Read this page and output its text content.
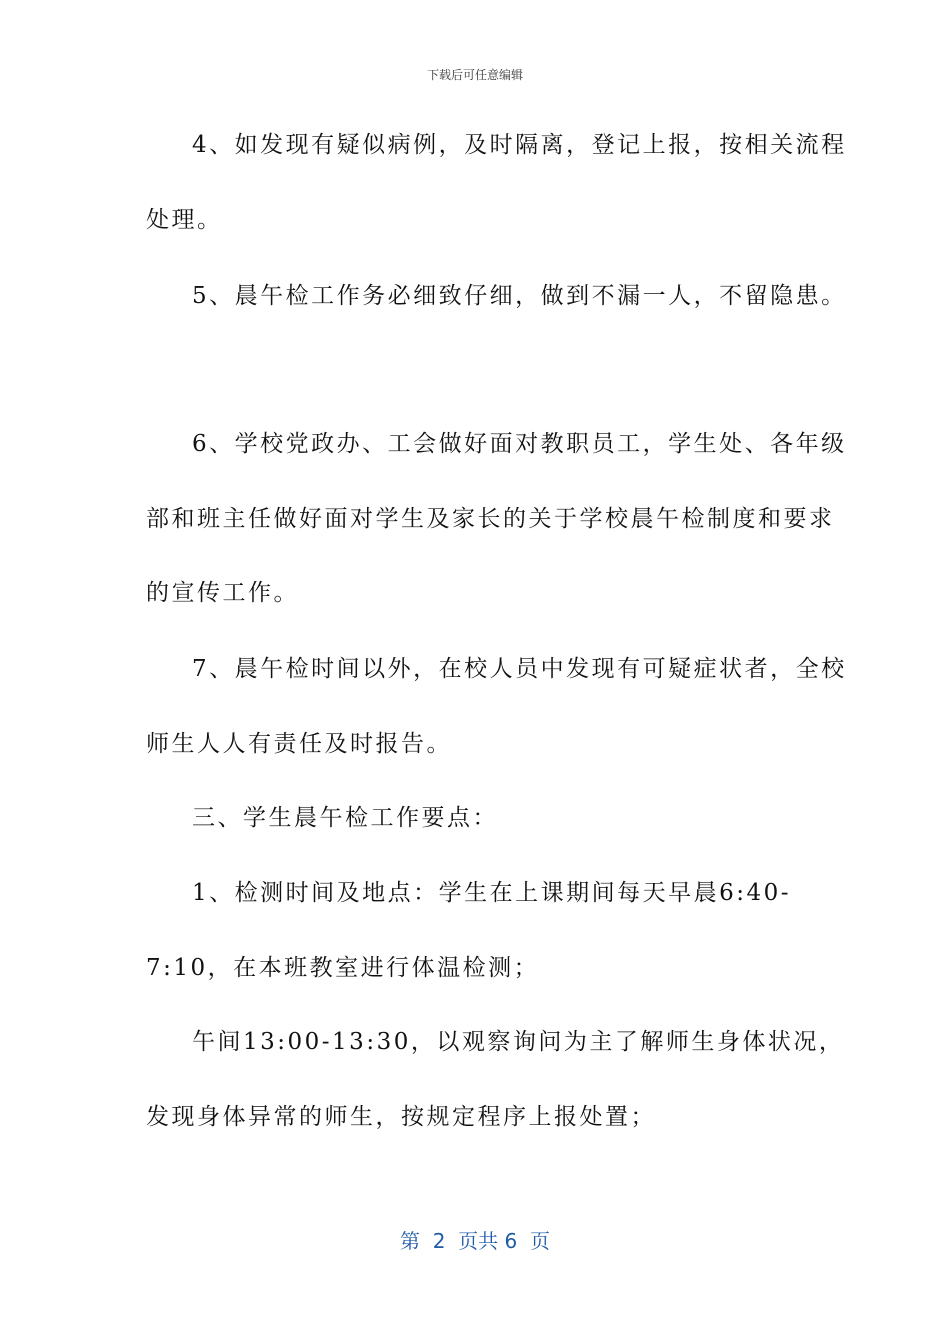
下载后可任意编辑
4、如发现有疑似病例，及时隔离，登记上报，按相关流程
处理。
5、晨午检工作务必细致仔细，做到不漏一人，不留隐患。
6、学校党政办、工会做好面对教职员工，学生处、各年级
部和班主任做好面对学生及家长的关于学校晨午检制度和要求
的宣传工作。
7、晨午检时间以外，在校人员中发现有可疑症状者，全校
师生人人有责任及时报告。
三、学生晨午检工作要点：
1、检测时间及地点：学生在上课期间每天早晨6:40-
7:10，在本班教室进行体温检测；
午间13:00-13:30，以观察询问为主了解师生身体状况，
发现身体异常的师生，按规定程序上报处置；
第  2  页共 6  页
